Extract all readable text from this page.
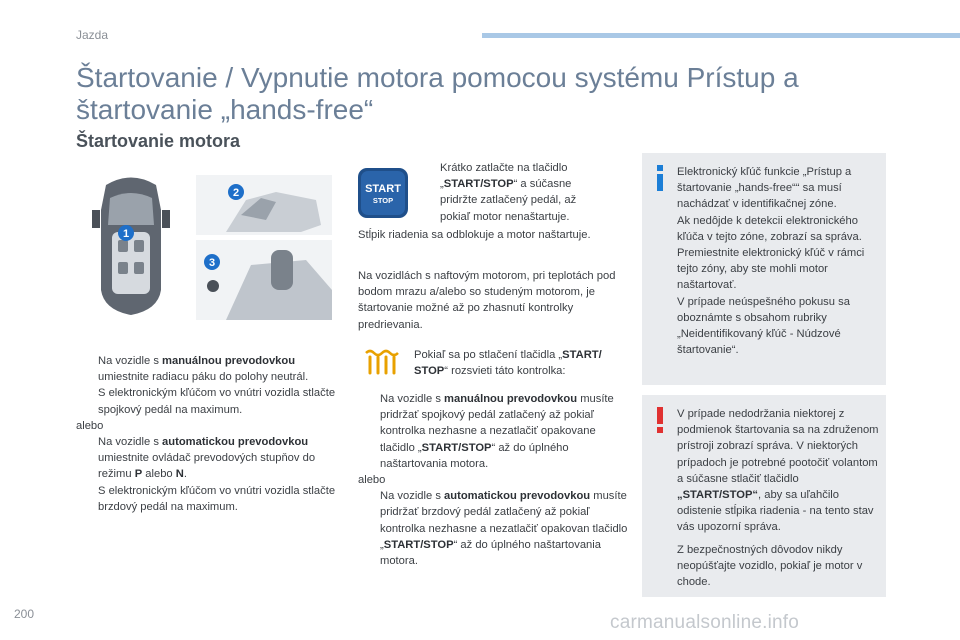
Jazda
Štartovanie / Vypnutie motora pomocou systému Prístup a
štartovanie „hands-free“
Štartovanie motora
1
2
3
Na vozidle s manuálnou prevodovkou umiestnite radiacu páku do polohy neutrál.
S elektronickým kľúčom vo vnútri vozidla stlačte spojkový pedál na maximum.
alebo
Na vozidle s automatickou prevodovkou umiestnite ovládač prevodových stupňov do režimu P alebo N.
S elektronickým kľúčom vo vnútri vozidla stlačte brzdový pedál na maximum.
START
STOP
Krátko zatlačte na tlačidlo „START/STOP“ a súčasne pridržte zatlačený pedál, až pokiaľ motor nenaštartuje.
Stĺpik riadenia sa odblokuje a motor naštartuje.
Na vozidlách s naftovým motorom, pri teplotách pod bodom mrazu a/alebo so studeným motorom, je štartovanie možné až po zhasnutí kontrolky predrievania.
Pokiaľ sa po stlačení tlačidla „START/ STOP“ rozsvieti táto kontrolka:
Na vozidle s manuálnou prevodovkou musíte pridržať spojkový pedál zatlačený až pokiaľ kontrolka nezhasne a nezatlačiť opakovane tlačidlo „START/STOP“ až do úplného naštartovania motora.
alebo
Na vozidle s automatickou prevodovkou musíte pridržať brzdový pedál zatlačený až pokiaľ kontrolka nezhasne a nezatlačiť opakovan tlačidlo „START/STOP“ až do úplného naštartovania motora.
Elektronický kľúč funkcie „Prístup a štartovanie „hands-free““ sa musí nachádzať v identifikačnej zóne.
Ak nedôjde k detekcii elektronického kľúča v tejto zóne, zobrazí sa správa. Premiestnite elektronický kľúč v rámci tejto zóny, aby ste mohli motor naštartovať.
V prípade neúspešného pokusu sa oboznámte s obsahom rubriky „Neidentifikovaný kľúč - Núdzové štartovanie“.
V prípade nedodržania niektorej z podmienok štartovania sa na združenom prístroji zobrazí správa. V niektorých prípadoch je potrebné pootočiť volantom a súčasne stlačiť tlačidlo „START/STOP“, aby sa uľahčilo odistenie stĺpika riadenia - na tento stav vás upozorní správa.
Z bezpečnostných dôvodov nikdy neopúšťajte vozidlo, pokiaľ je motor v chode.
200	carmanualsonline.info
